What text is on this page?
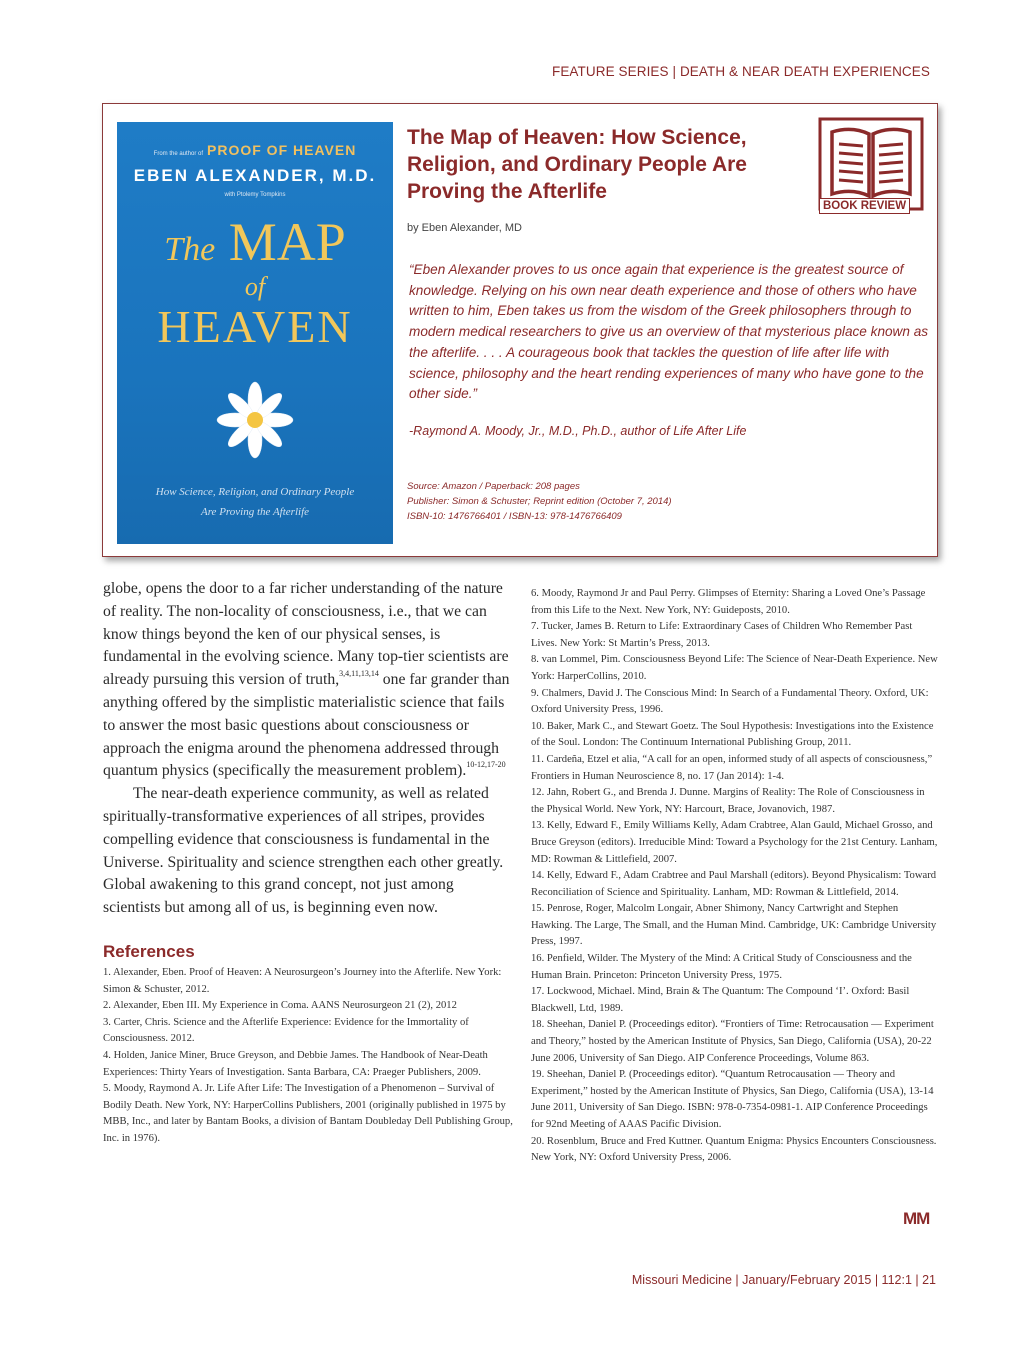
FEATURE SERIES | DEATH & NEAR DEATH EXPERIENCES
From the author of PROOF OF HEAVEN
EBEN ALEXANDER, M.D.
with Ptolemy Tompkins
The MAP
of
HEAVEN
How Science, Religion, and Ordinary People
Are Proving the Afterlife
The Map of Heaven: How Science, Religion, and Ordinary People Are Proving the Afterlife
by Eben Alexander, MD
BOOK REVIEW
“Eben Alexander proves to us once again that experience is the greatest source of knowledge. Relying on his own near death experience and those of others who have written to him, Eben takes us from the wisdom of the Greek philosophers through to modern medical researchers to give us an overview of that mysterious place known as the afterlife. . . . A courageous book that tackles the question of life after life with science, philosophy and the heart rending experiences of many who have gone to the other side.”
-Raymond A. Moody, Jr., M.D., Ph.D., author of Life After Life
Source: Amazon / Paperback: 208 pages
Publisher: Simon & Schuster; Reprint edition (October 7, 2014)
ISBN-10: 1476766401 / ISBN-13: 978-1476766409

globe, opens the door to a far richer understanding of the nature of reality. The non-locality of consciousness, i.e., that we can know things beyond the ken of our physical senses, is fundamental in the evolving science. Many top-tier scientists are already pursuing this version of truth,$^{3,4,11,13,14}$ one far grander than anything offered by the simplistic materialistic science that fails to answer the most basic questions about consciousness or approach the enigma around the phenomena addressed through quantum physics (specifically the measurement problem).$^{10-12,17-20}$

The near-death experience community, as well as related spiritually-transformative experiences of all stripes, provides compelling evidence that consciousness is fundamental in the Universe. Spirituality and science strengthen each other greatly. Global awakening to this grand concept, not just among scientists but among all of us, is beginning even now.

References
1. Alexander, Eben. Proof of Heaven: A Neurosurgeon’s Journey into the Afterlife. New York: Simon & Schuster, 2012.
2. Alexander, Eben III. My Experience in Coma. AANS Neurosurgeon 21 (2), 2012
3. Carter, Chris. Science and the Afterlife Experience: Evidence for the Immortality of Consciousness. 2012.
4. Holden, Janice Miner, Bruce Greyson, and Debbie James. The Handbook of Near-Death Experiences: Thirty Years of Investigation. Santa Barbara, CA: Praeger Publishers, 2009.
5. Moody, Raymond A. Jr. Life After Life: The Investigation of a Phenomenon – Survival of Bodily Death. New York, NY: HarperCollins Publishers, 2001 (originally published in 1975 by MBB, Inc., and later by Bantam Books, a division of Bantam Doubleday Dell Publishing Group, Inc. in 1976).
6. Moody, Raymond Jr and Paul Perry. Glimpses of Eternity: Sharing a Loved One’s Passage from this Life to the Next. New York, NY: Guideposts, 2010.
7. Tucker, James B. Return to Life: Extraordinary Cases of Children Who Remember Past Lives. New York: St Martin’s Press, 2013.
8. van Lommel, Pim. Consciousness Beyond Life: The Science of Near-Death Experience. New York: HarperCollins, 2010.
9. Chalmers, David J. The Conscious Mind: In Search of a Fundamental Theory. Oxford, UK: Oxford University Press, 1996.
10. Baker, Mark C., and Stewart Goetz. The Soul Hypothesis: Investigations into the Existence of the Soul. London: The Continuum International Publishing Group, 2011.
11. Cardeña, Etzel et alia, “A call for an open, informed study of all aspects of consciousness,” Frontiers in Human Neuroscience 8, no. 17 (Jan 2014): 1-4.
12. Jahn, Robert G., and Brenda J. Dunne. Margins of Reality: The Role of Consciousness in the Physical World. New York, NY: Harcourt, Brace, Jovanovich, 1987.
13. Kelly, Edward F., Emily Williams Kelly, Adam Crabtree, Alan Gauld, Michael Grosso, and Bruce Greyson (editors). Irreducible Mind: Toward a Psychology for the 21st Century. Lanham, MD: Rowman & Littlefield, 2007.
14. Kelly, Edward F., Adam Crabtree and Paul Marshall (editors). Beyond Physicalism: Toward Reconciliation of Science and Spirituality. Lanham, MD: Rowman & Littlefield, 2014.
15. Penrose, Roger, Malcolm Longair, Abner Shimony, Nancy Cartwright and Stephen Hawking. The Large, The Small, and the Human Mind. Cambridge, UK: Cambridge University Press, 1997.
16. Penfield, Wilder. The Mystery of the Mind: A Critical Study of Consciousness and the Human Brain. Princeton: Princeton University Press, 1975.
17. Lockwood, Michael. Mind, Brain & The Quantum: The Compound ‘I’. Oxford: Basil Blackwell, Ltd, 1989.
18. Sheehan, Daniel P. (Proceedings editor). “Frontiers of Time: Retrocausation — Experiment and Theory,” hosted by the American Institute of Physics, San Diego, California (USA), 20-22 June 2006, University of San Diego. AIP Conference Proceedings, Volume 863.
19. Sheehan, Daniel P. (Proceedings editor). “Quantum Retrocausation — Theory and Experiment,” hosted by the American Institute of Physics, San Diego, California (USA), 13-14 June 2011, University of San Diego. ISBN: 978-0-7354-0981-1. AIP Conference Proceedings for 92nd Meeting of AAAS Pacific Division.
20. Rosenblum, Bruce and Fred Kuttner. Quantum Enigma: Physics Encounters Consciousness. New York, NY: Oxford University Press, 2006.
MM
Missouri Medicine | January/February 2015 | 112:1 | 21
